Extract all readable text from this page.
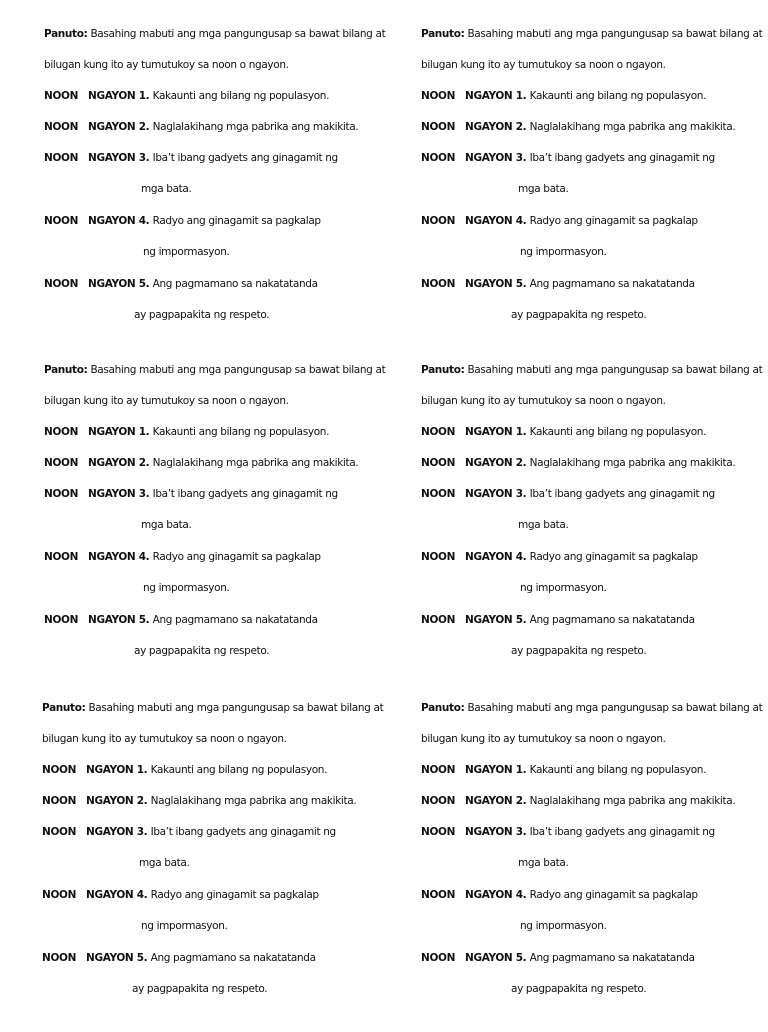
Panuto: Basahing mabuti ang mga pangungusap sa bawat bilang at
bilugan kung ito ay tumutukoy sa noon o ngayon.
NOON NGAYON 1. Kakaunti ang bilang ng populasyon.
NOON NGAYON 2. Naglalakihang mga pabrika ang makikita.
NOON NGAYON 3. Iba’t ibang gadyets ang ginagamit ng
mga bata.
NOON NGAYON 4. Radyo ang ginagamit sa pagkalap
ng impormasyon.
NOON NGAYON 5. Ang pagmamano sa nakatatanda
ay pagpapakita ng respeto.
Panuto: Basahing mabuti ang mga pangungusap sa bawat bilang at
bilugan kung ito ay tumutukoy sa noon o ngayon.
NOON NGAYON 1. Kakaunti ang bilang ng populasyon.
NOON NGAYON 2. Naglalakihang mga pabrika ang makikita.
NOON NGAYON 3. Iba’t ibang gadyets ang ginagamit ng
mga bata.
NOON NGAYON 4. Radyo ang ginagamit sa pagkalap
ng impormasyon.
NOON NGAYON 5. Ang pagmamano sa nakatatanda
ay pagpapakita ng respeto.
Panuto: Basahing mabuti ang mga pangungusap sa bawat bilang at
bilugan kung ito ay tumutukoy sa noon o ngayon.
NOON NGAYON 1. Kakaunti ang bilang ng populasyon.
NOON NGAYON 2. Naglalakihang mga pabrika ang makikita.
NOON NGAYON 3. Iba’t ibang gadyets ang ginagamit ng
mga bata.
NOON NGAYON 4. Radyo ang ginagamit sa pagkalap
ng impormasyon.
NOON NGAYON 5. Ang pagmamano sa nakatatanda
ay pagpapakita ng respeto.
Panuto: Basahing mabuti ang mga pangungusap sa bawat bilang at
bilugan kung ito ay tumutukoy sa noon o ngayon.
NOON NGAYON 1. Kakaunti ang bilang ng populasyon.
NOON NGAYON 2. Naglalakihang mga pabrika ang makikita.
NOON NGAYON 3. Iba’t ibang gadyets ang ginagamit ng
mga bata.
NOON NGAYON 4. Radyo ang ginagamit sa pagkalap
ng impormasyon.
NOON NGAYON 5. Ang pagmamano sa nakatatanda
ay pagpapakita ng respeto.
Panuto: Basahing mabuti ang mga pangungusap sa bawat bilang at
bilugan kung ito ay tumutukoy sa noon o ngayon.
NOON NGAYON 1. Kakaunti ang bilang ng populasyon.
NOON NGAYON 2. Naglalakihang mga pabrika ang makikita.
NOON NGAYON 3. Iba’t ibang gadyets ang ginagamit ng
mga bata.
NOON NGAYON 4. Radyo ang ginagamit sa pagkalap
ng impormasyon.
NOON NGAYON 5. Ang pagmamano sa nakatatanda
ay pagpapakita ng respeto.
Panuto: Basahing mabuti ang mga pangungusap sa bawat bilang at
bilugan kung ito ay tumutukoy sa noon o ngayon.
NOON NGAYON 1. Kakaunti ang bilang ng populasyon.
NOON NGAYON 2. Naglalakihang mga pabrika ang makikita.
NOON NGAYON 3. Iba’t ibang gadyets ang ginagamit ng
mga bata.
NOON NGAYON 4. Radyo ang ginagamit sa pagkalap
ng impormasyon.
NOON NGAYON 5. Ang pagmamano sa nakatatanda
ay pagpapakita ng respeto.
